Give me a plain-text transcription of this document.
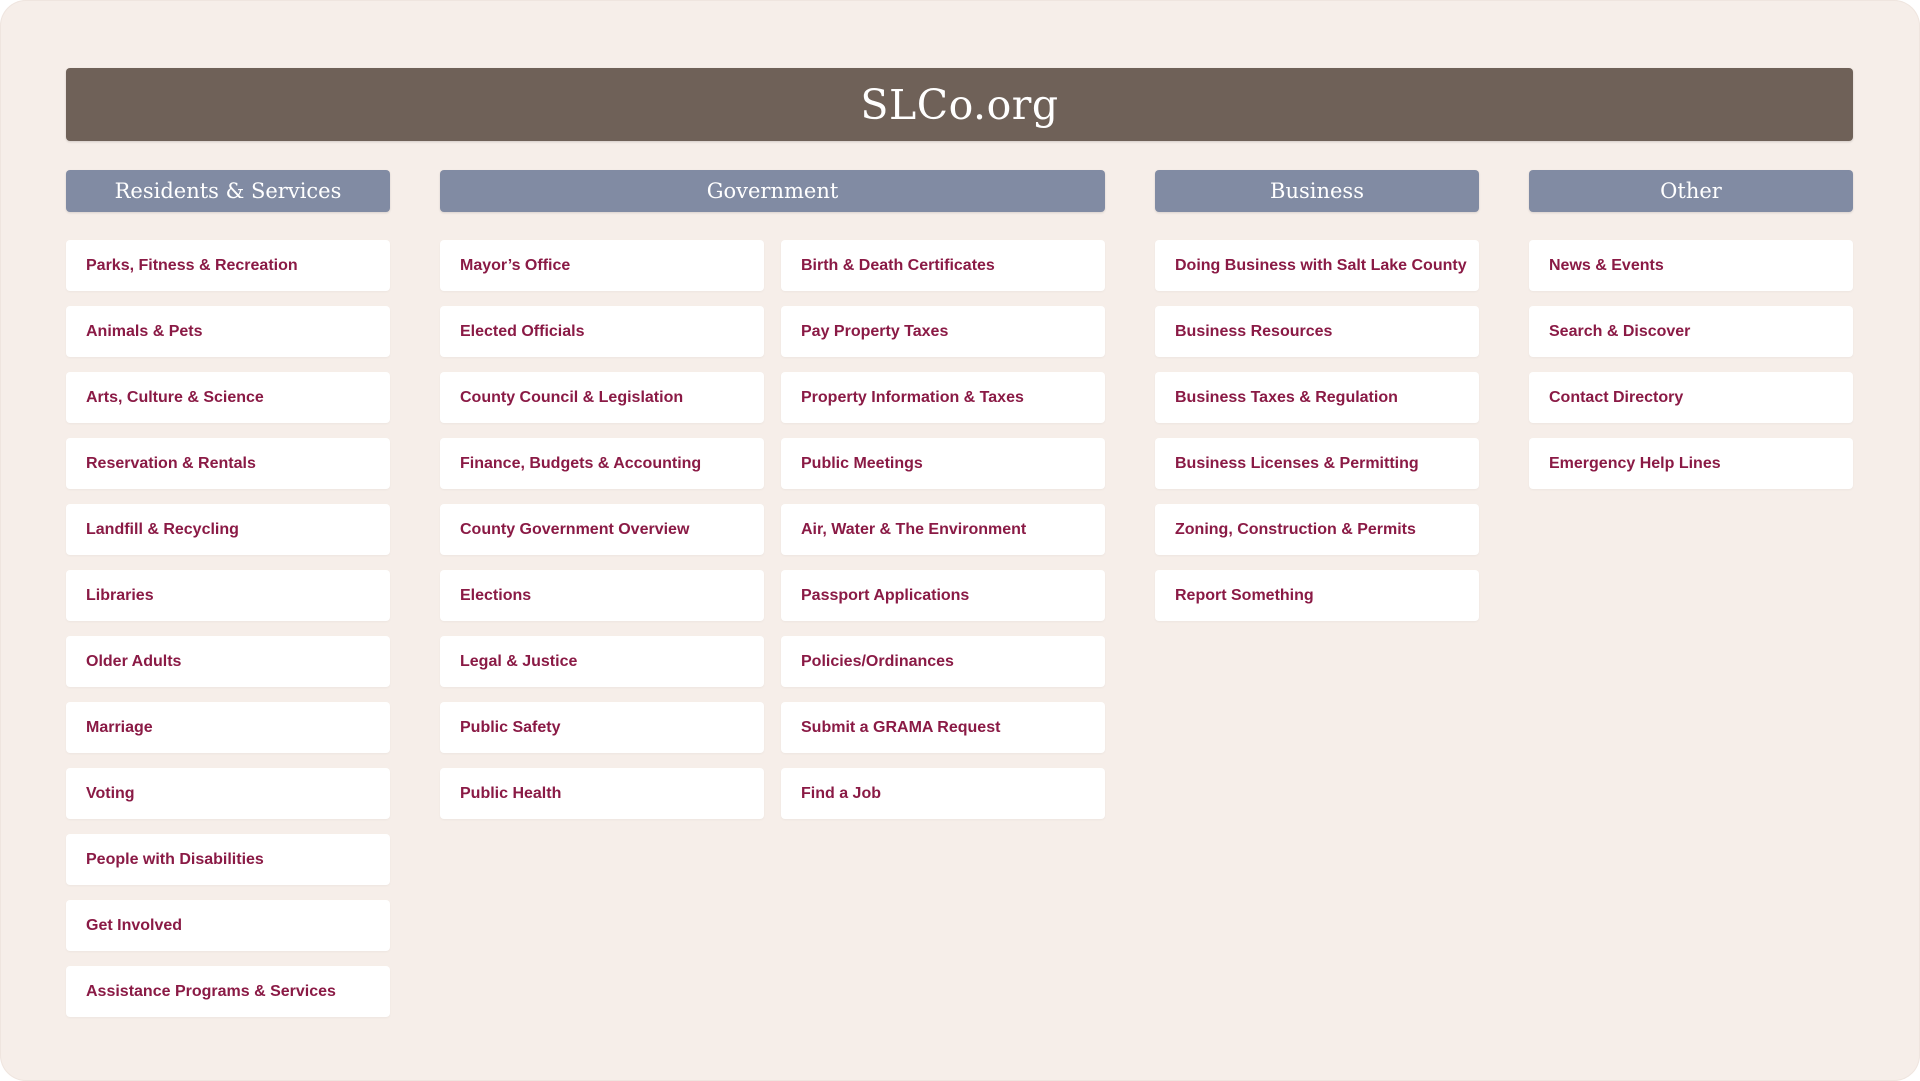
SLCo.org
Residents & Services	Government	Business	Other
Parks, Fitness & Recreation
Animals & Pets
Arts, Culture & Science
Reservation & Rentals
Landfill & Recycling
Libraries
Older Adults
Marriage
Voting
People with Disabilities
Get Involved
Assistance Programs & Services
Mayor’s Office
Elected Officials
County Council & Legislation
Finance, Budgets & Accounting
County Government Overview
Elections
Legal & Justice
Public Safety
Public Health
Birth & Death Certificates
Pay Property Taxes
Property Information & Taxes
Public Meetings
Air, Water & The Environment
Passport Applications
Policies/Ordinances
Submit a GRAMA Request
Find a Job
Doing Business with Salt Lake County
Business Resources
Business Taxes & Regulation
Business Licenses & Permitting
Zoning, Construction & Permits
Report Something
News & Events
Search & Discover
Contact Directory
Emergency Help Lines
